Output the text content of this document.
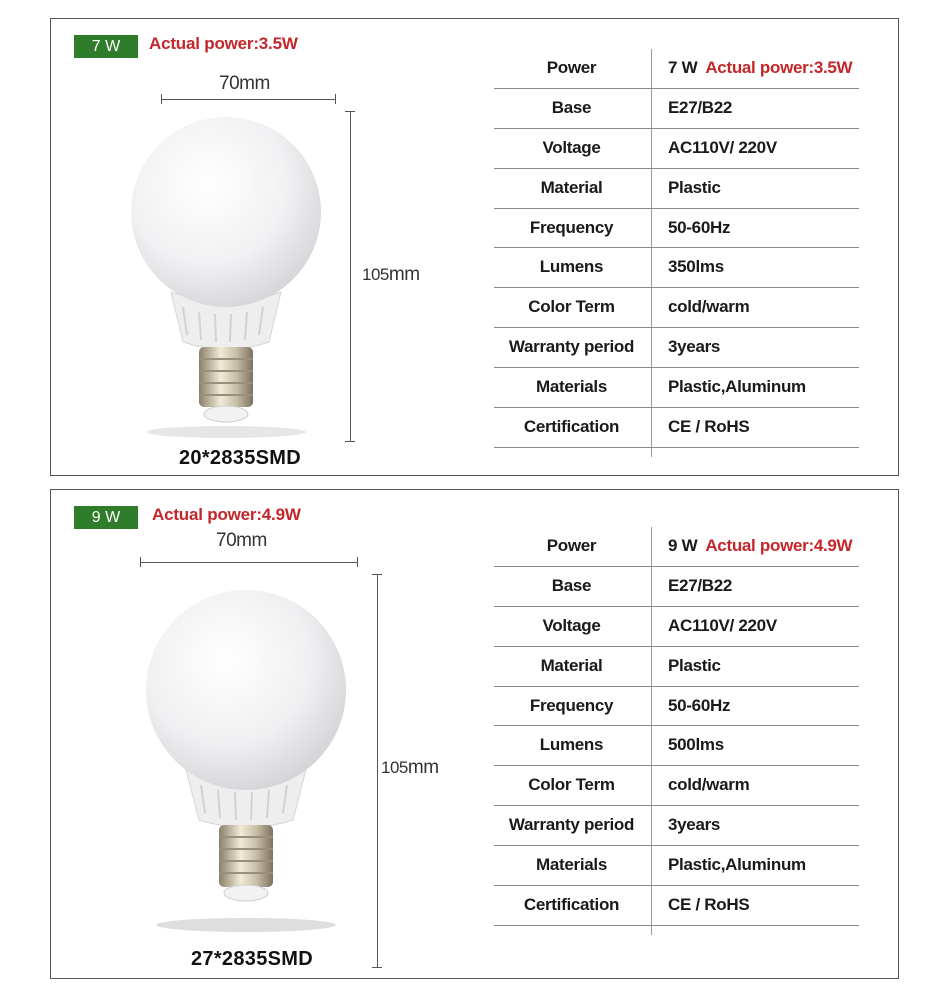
7 W	Actual power:3.5W
70mm
105mm
20*2835SMD
Power	7 W Actual power:3.5W
Base	E27/B22
Voltage	AC110V/ 220V
Material	Plastic
Frequency	50-60Hz
Lumens	350lms
Color Term	cold/warm
Warranty period	3years
Materials	Plastic,Aluminum
Certification	CE / RoHS
9 W	Actual power:4.9W
70mm
105mm
27*2835SMD
Power	9 W Actual power:4.9W
Base	E27/B22
Voltage	AC110V/ 220V
Material	Plastic
Frequency	50-60Hz
Lumens	500lms
Color Term	cold/warm
Warranty period	3years
Materials	Plastic,Aluminum
Certification	CE / RoHS
